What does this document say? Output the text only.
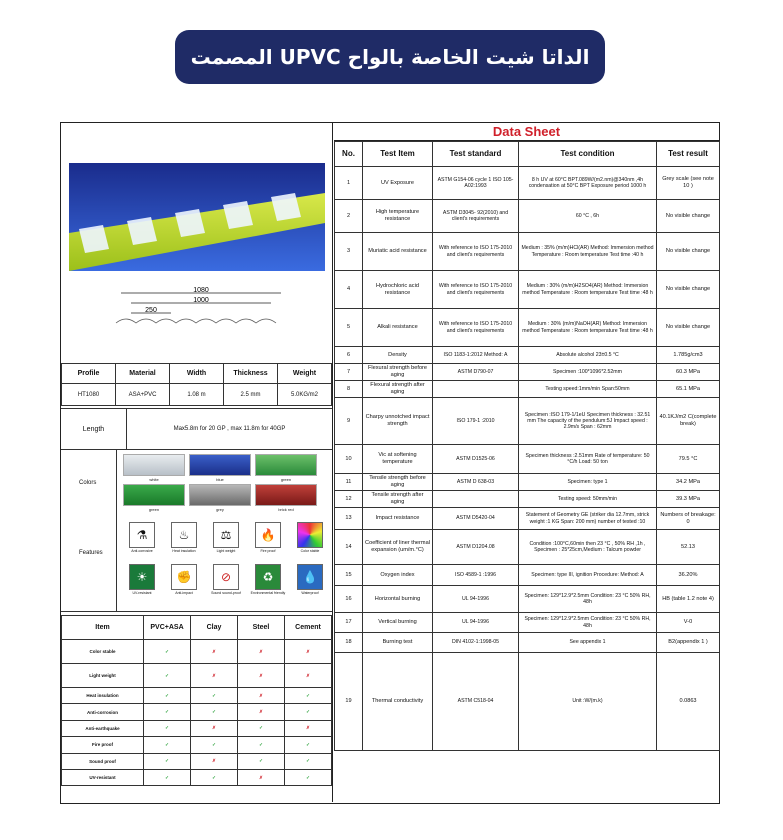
الداتا شيت الخاصة بالواح UPVC المصمت
1080
1000
250
Profile	Material	Width	Thickness	Weight
HT1080	ASA+PVC	1.08 m	2.5 mm	5.0KG/m2
Length	Max5.8m for 20 GP , max 11.8m for 40GP
Colors
Features
white	blue	green
green	grey	brick red
⚗	♨	⚖	🔥
Anti-corrosive	Heat insulation	Light weight	Fire proof	Color stable
☀	✊	⊘	♻	💧
UV-resistant	Anti-impact	Sound sound-proof	Environmental friendly	Waterproof
Item	PVC+ASA	Clay	Steel	Cement
Color stable	✓	✗	✗	✗
Light weight	✓	✗	✗	✗
Heat insulation	✓	✓	✗	✓
Anti-corrosion	✓	✓	✗	✓
Anti-earthquake	✓	✗	✓	✗
Fire proof	✓	✓	✓	✓
Sound proof	✓	✗	✓	✓
UV-resistant	✓	✓	✗	✓
Data Sheet
No.	Test Item	Test standard	Test condition	Test result
1	UV Exposure	ASTM G154-06 cycle 1 ISO 105-A02:1993	8 h UV at 60°C BPT.089W/(m2.nm)@340nm ,4h condensation at 50°C BPT Exposure period 1000 h	Grey scale (see note 10 )
2	High temperature resistance	ASTM D3045- 92(2010) and client's requirements	60 °C , 6h	No visible change
3	Muriatic acid resistance	With reference to ISO 175-2010 and client's requirements	Medium : 35% (m/m)HCl(AR) Method: Immersion method Temperature : Room temperature Test time :40 h	No visible change
4	Hydrochloric acid resistance	With reference to ISO 175-2010 and client's requirements	Medium : 30% (m/m)H2SO4(AR) Method: Immersion method Temperature : Room temperature Test time :48 h	No visible change
5	Alkali resistance	With reference to ISO 175-2010 and client's requirements	Medium : 30% (m/m)NaOH(AR) Method: Immersion method Temperature : Room temperature Test time :48 h	No visible change
6	Density	ISO 1183-1:2012 Method: A	Absolute alcohol 23±0.5 °C	1.785g/cm3
7	Flexural strength before aging	ASTM D790-07	Specimen :100*1096*2.52mm	60.3 MPa
8	Flexural strength after aging		Testing speed:1mm/min Span:50mm	65.1 MPa
9	Charpy unnotched impact strength	ISO 179-1 :2010	Specimen :ISO 179-1/1eU Specimen thickness : 32.51 mm The capacity of the pendulum:5J Impact speed : 2.9m/s Span : 62mm	40.1KJ/m2 C(complete break)
10	Vic at softening temperature	ASTM D1525-06	Specimen thickness :2.51mm Rate of temperature: 50 °C/h Load: 50 ton	79.5 °C
11	Tensile strength before aging	ASTM D 638-03	Specimen: type 1	34.2 MPa
12	Tensile strength after aging		Testing speed: 50mm/min	39.3 MPa
13	Impact resistance	ASTM D5420-04	Statement of Geometry GE (striker dia 12.7mm, strick weight :1 KG Span: 200 mm) number of tested :10	Numbers of breakage: 0
14	Coefficient of liner thermal expansion (um/m.°C)	ASTM D1204.08	Condition :100°C,60min then 23 °C , 50% RH ,1h , Specimen : 25*25cm,Medium : Talcum powder	52.13
15	Oxygen index	ISO 4589-1 :1996	Specimen: type III, ignition Procedure: Method: A	36.20%
16	Horizontal burning	UL 94-1996	Specimen: 129*12.9*2.5mm Condition: 23 °C 50% RH, 48h	HB (table 1.2 note 4)
17	Vertical burning	UL 94-1996	Specimen: 129*12.9*2.5mm Condition: 23 °C 50% RH, 48h	V-0
18	Burning test	DIN 4102-1:1998-05	See appendix 1	B2(appendix 1 )
19	Thermal conductivity	ASTM C518-04	Unit :W/(m.k)	0.0863
